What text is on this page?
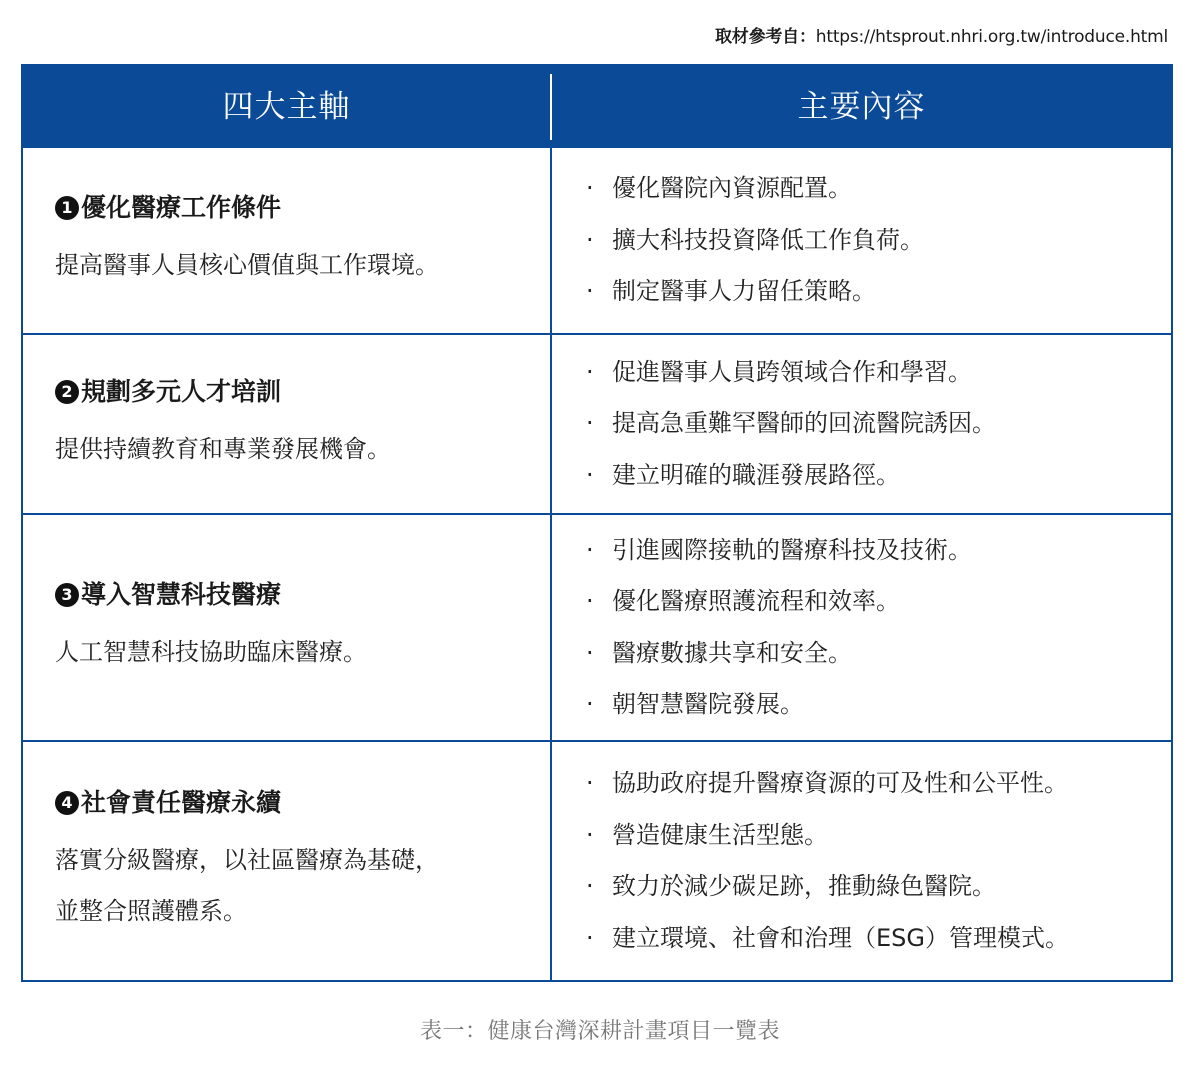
取材參考自：https://htsprout.nhri.org.tw/introduce.html
四大主軸	主要內容
1 優化醫療工作條件
提高醫事人員核心價值與工作環境。
· 優化醫院內資源配置。
· 擴大科技投資降低工作負荷。
· 制定醫事人力留任策略。
2 規劃多元人才培訓
提供持續教育和專業發展機會。
· 促進醫事人員跨領域合作和學習。
· 提高急重難罕醫師的回流醫院誘因。
· 建立明確的職涯發展路徑。
3 導入智慧科技醫療
人工智慧科技協助臨床醫療。
· 引進國際接軌的醫療科技及技術。
· 優化醫療照護流程和效率。
· 醫療數據共享和安全。
· 朝智慧醫院發展。
4 社會責任醫療永續
落實分級醫療，以社區醫療為基礎，
並整合照護體系。
· 協助政府提升醫療資源的可及性和公平性。
· 營造健康生活型態。
· 致力於減少碳足跡，推動綠色醫院。
· 建立環境、社會和治理（ESG）管理模式。
表一：健康台灣深耕計畫項目一覽表
